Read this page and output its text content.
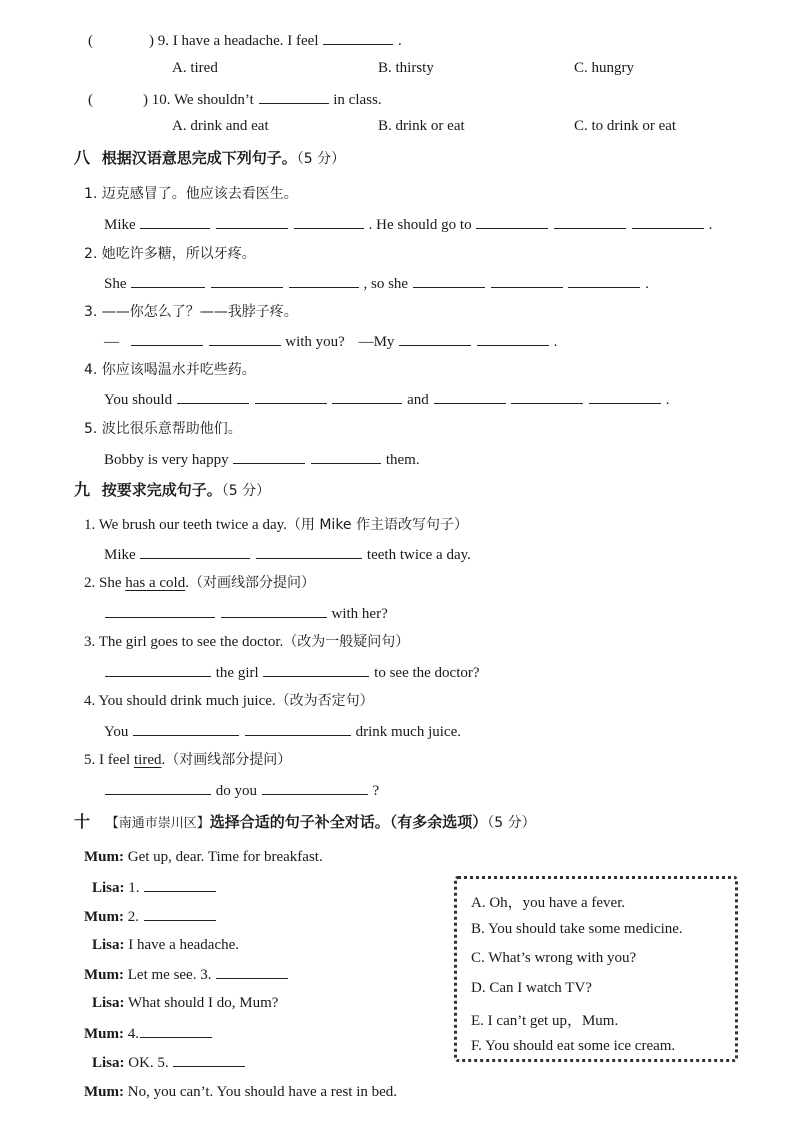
(	) 9. I have a headache. I feel	.
A. tired	B. thirsty	C. hungry
(	) 10. We shouldn’t	in class.
A. drink and eat	B. drink or eat	C. to drink or eat
八 根据汉语意思完成下列句子。（5 分）
1. 迈克感冒了。他应该去看医生。
Mike	. He should go to	.
2. 她吃许多糖，所以牙疼。
She	, so she	.
3. ——你怎么了？——我脖子疼。
—	with you? —My	.
4. 你应该喝温水并吃些药。
You should	and	.
5. 波比很乐意帮助他们。
Bobby is very happy	them.
九 按要求完成句子。（5 分）
1. We brush our teeth twice a day.（用 Mike 作主语改写句子）
Mike	teeth twice a day.
2. She has a cold.（对画线部分提问）
with her?
3. The girl goes to see the doctor.（改为一般疑问句）
the girl	to see the doctor?
4. You should drink much juice.（改为否定句）
You	drink much juice.
5. I feel tired.（对画线部分提问）
do you	?
十 【南通市崇川区】选择合适的句子补全对话。（有多余选项）（5 分）
Mum: Get up, dear. Time for breakfast.
Lisa: 1.
Mum: 2.
Lisa: I have a headache.
Mum: Let me see. 3.
Lisa: What should I do, Mum?
Mum: 4.
Lisa: OK. 5.
Mum: No, you can’t. You should have a rest in bed.
A. Oh，you have a fever.
B. You should take some medicine.
C. What’s wrong with you?
D. Can I watch TV?
E. I can’t get up，Mum.
F. You should eat some ice cream.
